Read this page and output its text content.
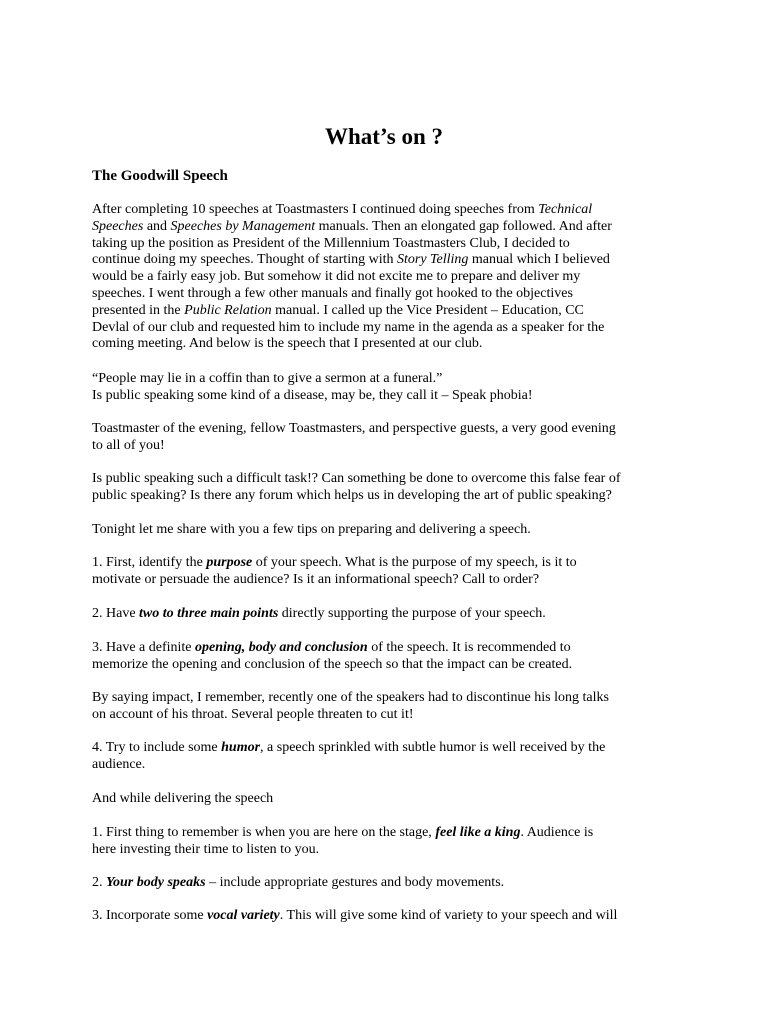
What’s on ?
The Goodwill Speech
After completing 10 speeches at Toastmasters I continued doing speeches from Technical
Speeches and Speeches by Management manuals. Then an elongated gap followed. And after
taking up the position as President of the Millennium Toastmasters Club, I decided to
continue doing my speeches. Thought of starting with Story Telling manual which I believed
would be a fairly easy job. But somehow it did not excite me to prepare and deliver my
speeches. I went through a few other manuals and finally got hooked to the objectives
presented in the Public Relation manual. I called up the Vice President – Education, CC
Devlal of our club and requested him to include my name in the agenda as a speaker for the
coming meeting. And below is the speech that I presented at our club.
“People may lie in a coffin than to give a sermon at a funeral.”
Is public speaking some kind of a disease, may be, they call it – Speak phobia!
Toastmaster of the evening, fellow Toastmasters, and perspective guests, a very good evening
to all of you!
Is public speaking such a difficult task!? Can something be done to overcome this false fear of
public speaking? Is there any forum which helps us in developing the art of public speaking?
Tonight let me share with you a few tips on preparing and delivering a speech.
1. First, identify the purpose of your speech. What is the purpose of my speech, is it to
motivate or persuade the audience? Is it an informational speech? Call to order?
2. Have two to three main points directly supporting the purpose of your speech.
3. Have a definite opening, body and conclusion of the speech. It is recommended to
memorize the opening and conclusion of the speech so that the impact can be created.
By saying impact, I remember, recently one of the speakers had to discontinue his long talks
on account of his throat. Several people threaten to cut it!
4. Try to include some humor, a speech sprinkled with subtle humor is well received by the
audience.
And while delivering the speech
1. First thing to remember is when you are here on the stage, feel like a king. Audience is
here investing their time to listen to you.
2. Your body speaks – include appropriate gestures and body movements.
3. Incorporate some vocal variety. This will give some kind of variety to your speech and will
